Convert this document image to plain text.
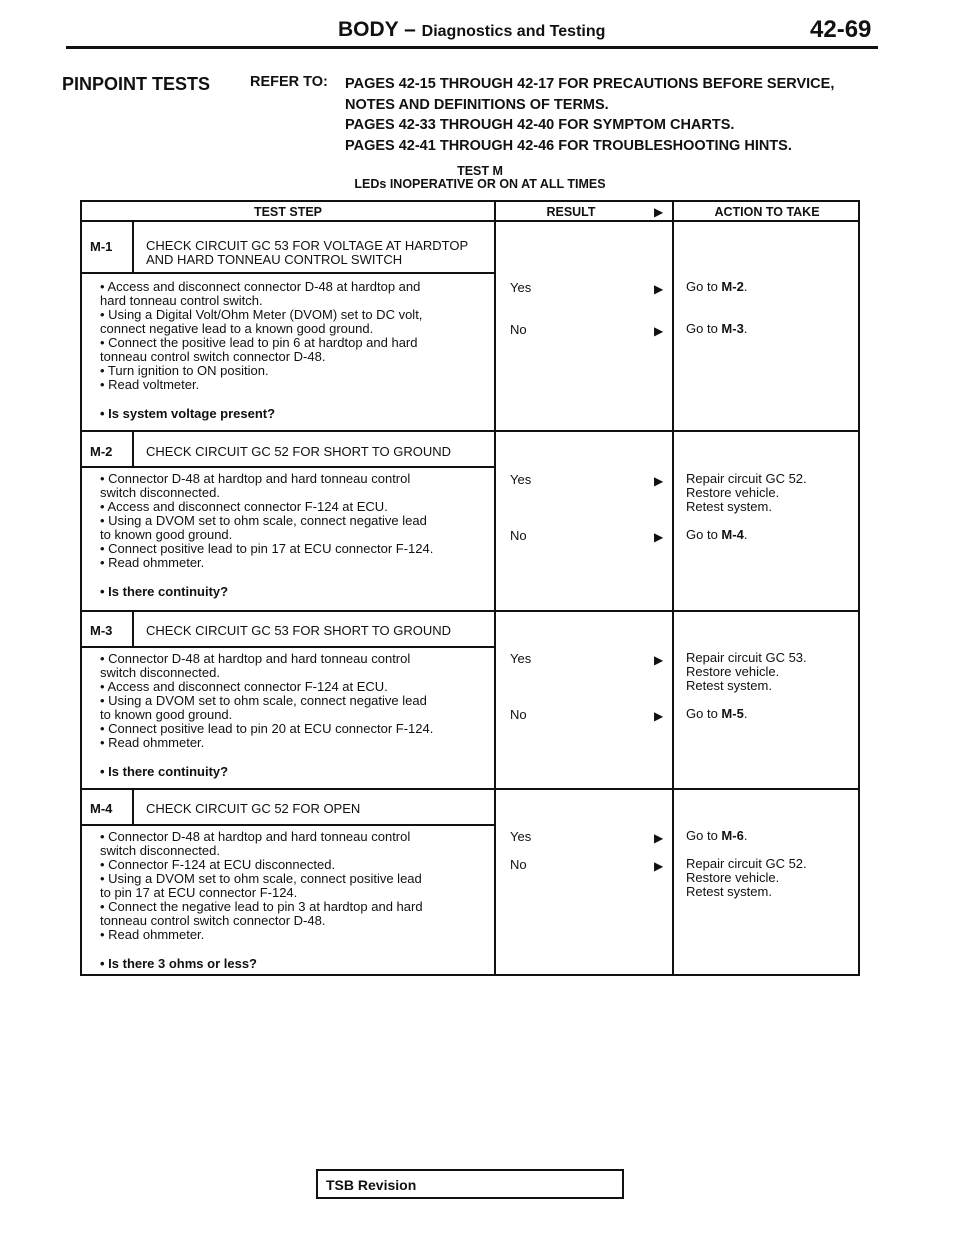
BODY – Diagnostics and Testing	42-69
PINPOINT TESTS	REFER TO: PAGES 42-15 THROUGH 42-17 FOR PRECAUTIONS BEFORE SERVICE,
NOTES AND DEFINITIONS OF TERMS.
PAGES 42-33 THROUGH 42-40 FOR SYMPTOM CHARTS.
PAGES 42-41 THROUGH 42-46 FOR TROUBLESHOOTING HINTS.
TEST M
LEDs INOPERATIVE OR ON AT ALL TIMES
TEST STEP	RESULT	▶	ACTION TO TAKE
M-1	CHECK CIRCUIT GC 53 FOR VOLTAGE AT HARDTOP
AND HARD TONNEAU CONTROL SWITCH
• Access and disconnect connector D-48 at hardtop and
hard tonneau control switch.
• Using a Digital Volt/Ohm Meter (DVOM) set to DC volt,
connect negative lead to a known good ground.
• Connect the positive lead to pin 6 at hardtop and hard
tonneau control switch connector D-48.
• Turn ignition to ON position.
• Read voltmeter.
• Is system voltage present?
Yes	▶ Go to M-2.
No	▶ Go to M-3.
M-2	CHECK CIRCUIT GC 52 FOR SHORT TO GROUND
• Connector D-48 at hardtop and hard tonneau control
switch disconnected.
• Access and disconnect connector F-124 at ECU.
• Using a DVOM set to ohm scale, connect negative lead
to known good ground.
• Connect positive lead to pin 17 at ECU connector F-124.
• Read ohmmeter.
• Is there continuity?
Yes	▶ Repair circuit GC 52.
Restore vehicle.
Retest system.
No	▶ Go to M-4.
M-3	CHECK CIRCUIT GC 53 FOR SHORT TO GROUND
• Connector D-48 at hardtop and hard tonneau control
switch disconnected.
• Access and disconnect connector F-124 at ECU.
• Using a DVOM set to ohm scale, connect negative lead
to known good ground.
• Connect positive lead to pin 20 at ECU connector F-124.
• Read ohmmeter.
• Is there continuity?
Yes	▶ Repair circuit GC 53.
Restore vehicle.
Retest system.
No	▶ Go to M-5.
M-4	CHECK CIRCUIT GC 52 FOR OPEN
• Connector D-48 at hardtop and hard tonneau control
switch disconnected.
• Connector F-124 at ECU disconnected.
• Using a DVOM set to ohm scale, connect positive lead
to pin 17 at ECU connector F-124.
• Connect the negative lead to pin 3 at hardtop and hard
tonneau control switch connector D-48.
• Read ohmmeter.
• Is there 3 ohms or less?
Yes	▶ Go to M-6.
No	▶ Repair circuit GC 52.
Restore vehicle.
Retest system.
TSB Revision
